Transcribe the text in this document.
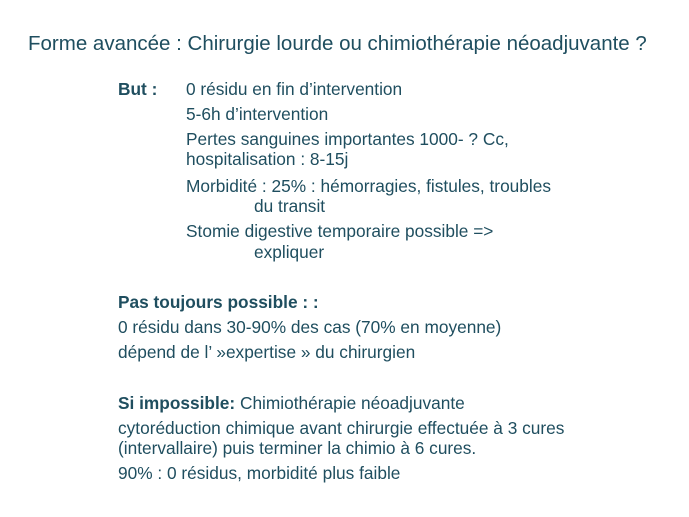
Forme avancée : Chirurgie lourde ou chimiothérapie néoadjuvante ?
But : 0 résidu en fin d’intervention
5-6h d’intervention
Pertes sanguines importantes 1000- ? Cc,
hospitalisation : 8-15j
Morbidité : 25% : hémorragies, fistules, troubles
du transit
Stomie digestive temporaire possible =>
expliquer
Pas toujours possible : :
0 résidu dans 30-90% des cas (70% en moyenne)
dépend de l’ »expertise » du chirurgien
Si impossible: Chimiothérapie néoadjuvante
cytoréduction chimique avant chirurgie effectuée à 3 cures
(intervallaire) puis terminer la chimio à 6 cures.
90% : 0 résidus, morbidité plus faible
